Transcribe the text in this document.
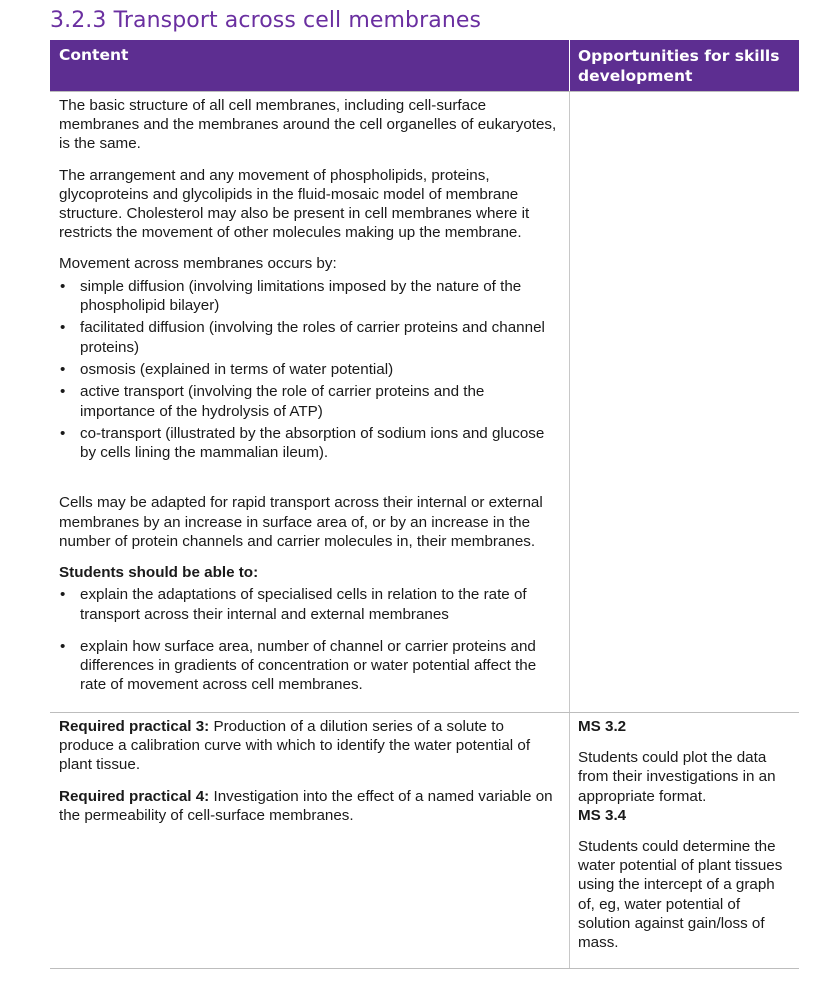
3.2.3 Transport across cell membranes
Content	Opportunities for skills development

The basic structure of all cell membranes, including cell-surface membranes and the membranes around the cell organelles of eukaryotes, is the same.

The arrangement and any movement of phospholipids, proteins, glycoproteins and glycolipids in the fluid-mosaic model of membrane structure. Cholesterol may also be present in cell membranes where it restricts the movement of other molecules making up the membrane.

Movement across membranes occurs by:

• simple diffusion (involving limitations imposed by the nature of the phospholipid bilayer)
• facilitated diffusion (involving the roles of carrier proteins and channel proteins)
• osmosis (explained in terms of water potential)
• active transport (involving the role of carrier proteins and the importance of the hydrolysis of ATP)
• co-transport (illustrated by the absorption of sodium ions and glucose by cells lining the mammalian ileum).

Cells may be adapted for rapid transport across their internal or external membranes by an increase in surface area of, or by an increase in the number of protein channels and carrier molecules in, their membranes.

Students should be able to:

• explain the adaptations of specialised cells in relation to the rate of transport across their internal and external membranes
• explain how surface area, number of channel or carrier proteins and differences in gradients of concentration or water potential affect the rate of movement across cell membranes.

Required practical 3: Production of a dilution series of a solute to produce a calibration curve with which to identify the water potential of plant tissue.

Required practical 4: Investigation into the effect of a named variable on the permeability of cell-surface membranes.

MS 3.2

Students could plot the data from their investigations in an appropriate format.

MS 3.4

Students could determine the water potential of plant tissues using the intercept of a graph of, eg, water potential of solution against gain/loss of mass.
